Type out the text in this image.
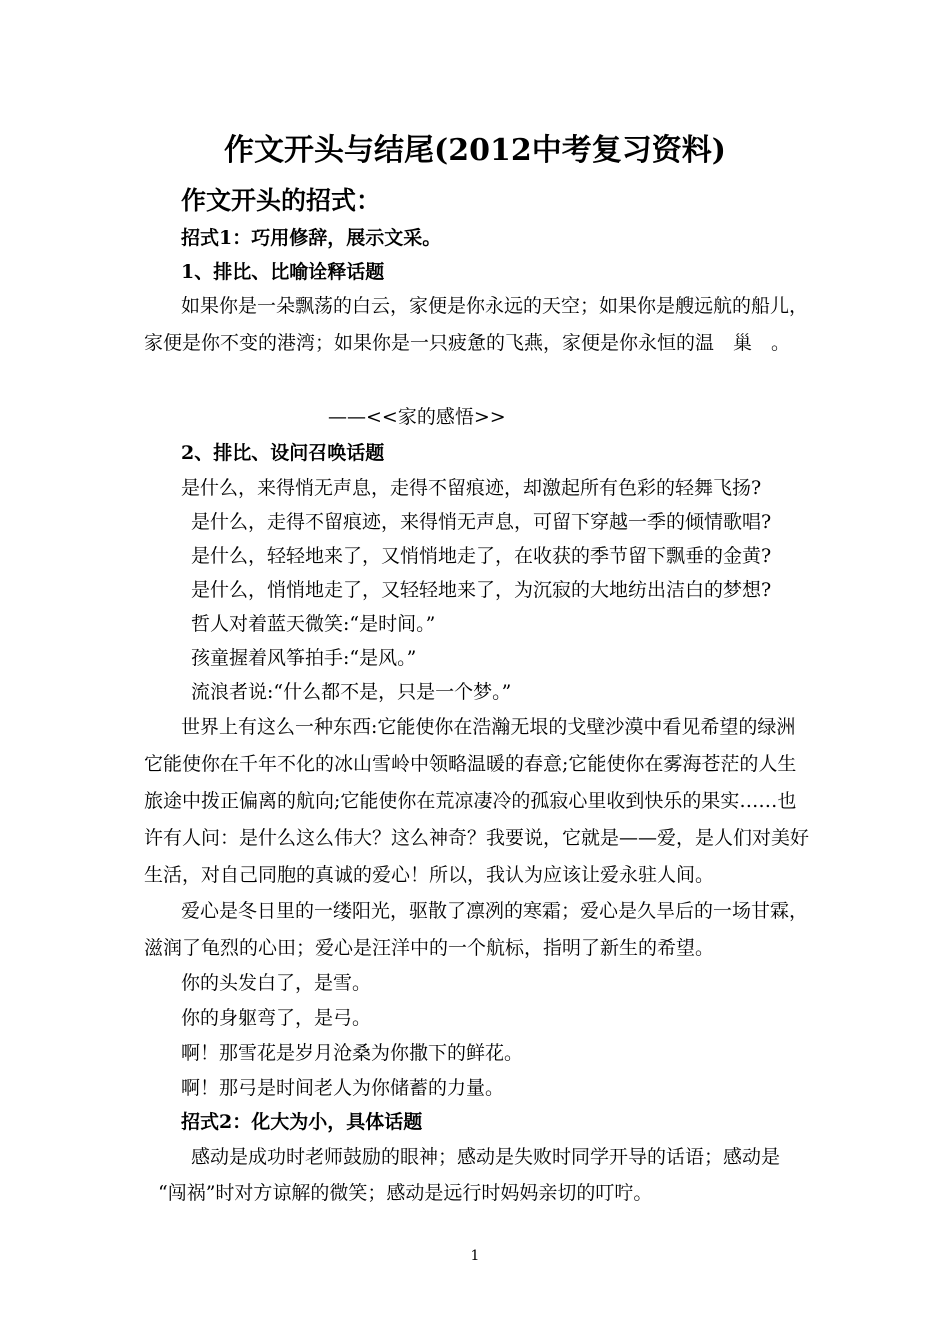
作文开头与结尾(2012中考复习资料)
作文开头的招式：
招式1：巧用修辞，展示文采。
1、排比、比喻诠释话题
如果你是一朵飘荡的白云，家便是你永远的天空；如果你是艘远航的船儿，
家便是你不变的港湾；如果你是一只疲惫的飞燕，家便是你永恒的温　巢　。
——<<家的感悟>>
2、排比、设问召唤话题
是什么，来得悄无声息，走得不留痕迹，却激起所有色彩的轻舞飞扬?
是什么，走得不留痕迹，来得悄无声息，可留下穿越一季的倾情歌唱?
是什么，轻轻地来了，又悄悄地走了，在收获的季节留下飘垂的金黄?
是什么，悄悄地走了，又轻轻地来了，为沉寂的大地纺出洁白的梦想?
哲人对着蓝天微笑:“是时间。”
孩童握着风筝拍手:“是风。”
流浪者说:“什么都不是，只是一个梦。”
世界上有这么一种东西:它能使你在浩瀚无垠的戈壁沙漠中看见希望的绿洲
它能使你在千年不化的冰山雪岭中领略温暖的春意;它能使你在雾海苍茫的人生
旅途中拨正偏离的航向;它能使你在荒凉凄冷的孤寂心里收到快乐的果实……也
许有人问：是什么这么伟大？这么神奇？我要说，它就是——爱，是人们对美好
生活，对自己同胞的真诚的爱心！所以，我认为应该让爱永驻人间。
爱心是冬日里的一缕阳光，驱散了凛冽的寒霜；爱心是久旱后的一场甘霖，
滋润了龟烈的心田；爱心是汪洋中的一个航标，指明了新生的希望。
你的头发白了，是雪。
你的身躯弯了，是弓。
啊！那雪花是岁月沧桑为你撒下的鲜花。
啊！那弓是时间老人为你储蓄的力量。
招式2：化大为小，具体话题
感动是成功时老师鼓励的眼神；感动是失败时同学开导的话语；感动是
“闯祸”时对方谅解的微笑；感动是远行时妈妈亲切的叮咛。
1
